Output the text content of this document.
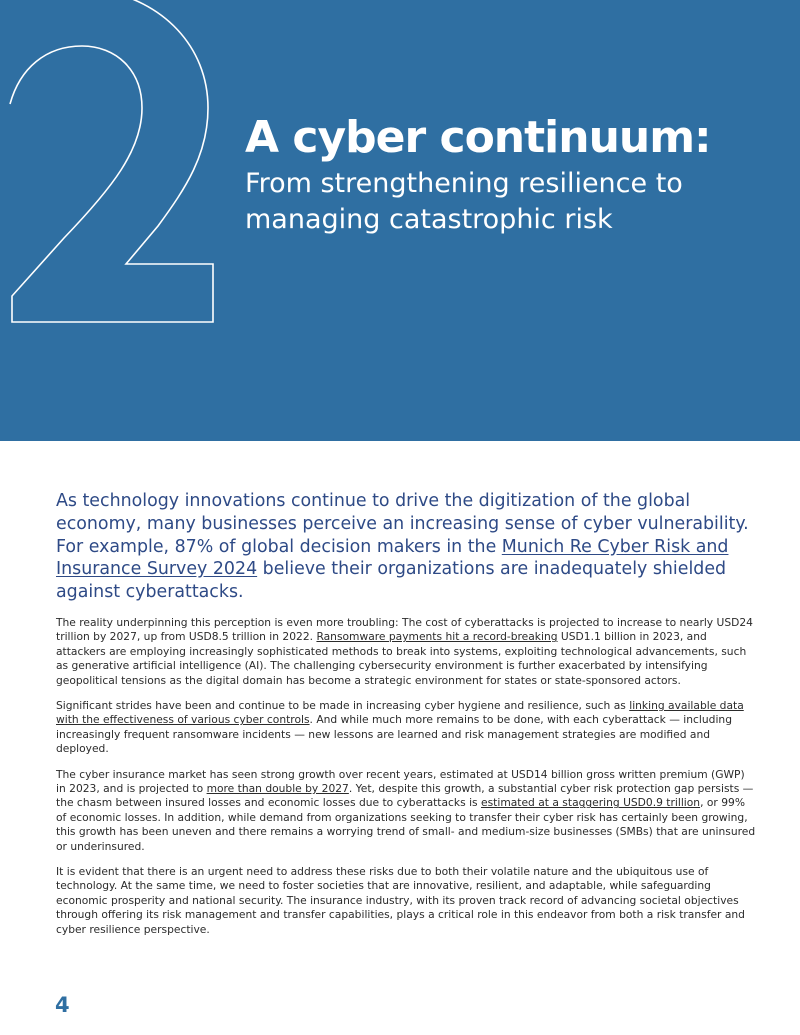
A cyber continuum:
From strengthening resilience to managing catastrophic risk

As technology innovations continue to drive the digitization of the global economy, many businesses perceive an increasing sense of cyber vulnerability. For example, 87% of global decision makers in the Munich Re Cyber Risk and Insurance Survey 2024 believe their organizations are inadequately shielded against cyberattacks.

The reality underpinning this perception is even more troubling: The cost of cyberattacks is projected to increase to nearly USD24 trillion by 2027, up from USD8.5 trillion in 2022. Ransomware payments hit a record-breaking USD1.1 billion in 2023, and attackers are employing increasingly sophisticated methods to break into systems, exploiting technological advancements, such as generative artificial intelligence (AI). The challenging cybersecurity environment is further exacerbated by intensifying geopolitical tensions as the digital domain has become a strategic environment for states or state-sponsored actors.

Significant strides have been and continue to be made in increasing cyber hygiene and resilience, such as linking available data with the effectiveness of various cyber controls. And while much more remains to be done, with each cyberattack — including increasingly frequent ransomware incidents — new lessons are learned and risk management strategies are modified and deployed.

The cyber insurance market has seen strong growth over recent years, estimated at USD14 billion gross written premium (GWP) in 2023, and is projected to more than double by 2027. Yet, despite this growth, a substantial cyber risk protection gap persists — the chasm between insured losses and economic losses due to cyberattacks is estimated at a staggering USD0.9 trillion, or 99% of economic losses. In addition, while demand from organizations seeking to transfer their cyber risk has certainly been growing, this growth has been uneven and there remains a worrying trend of small- and medium-size businesses (SMBs) that are uninsured or underinsured.

It is evident that there is an urgent need to address these risks due to both their volatile nature and the ubiquitous use of technology. At the same time, we need to foster societies that are innovative, resilient, and adaptable, while safeguarding economic prosperity and national security. The insurance industry, with its proven track record of advancing societal objectives through offering its risk management and transfer capabilities, plays a critical role in this endeavor from both a risk transfer and cyber resilience perspective.

4
